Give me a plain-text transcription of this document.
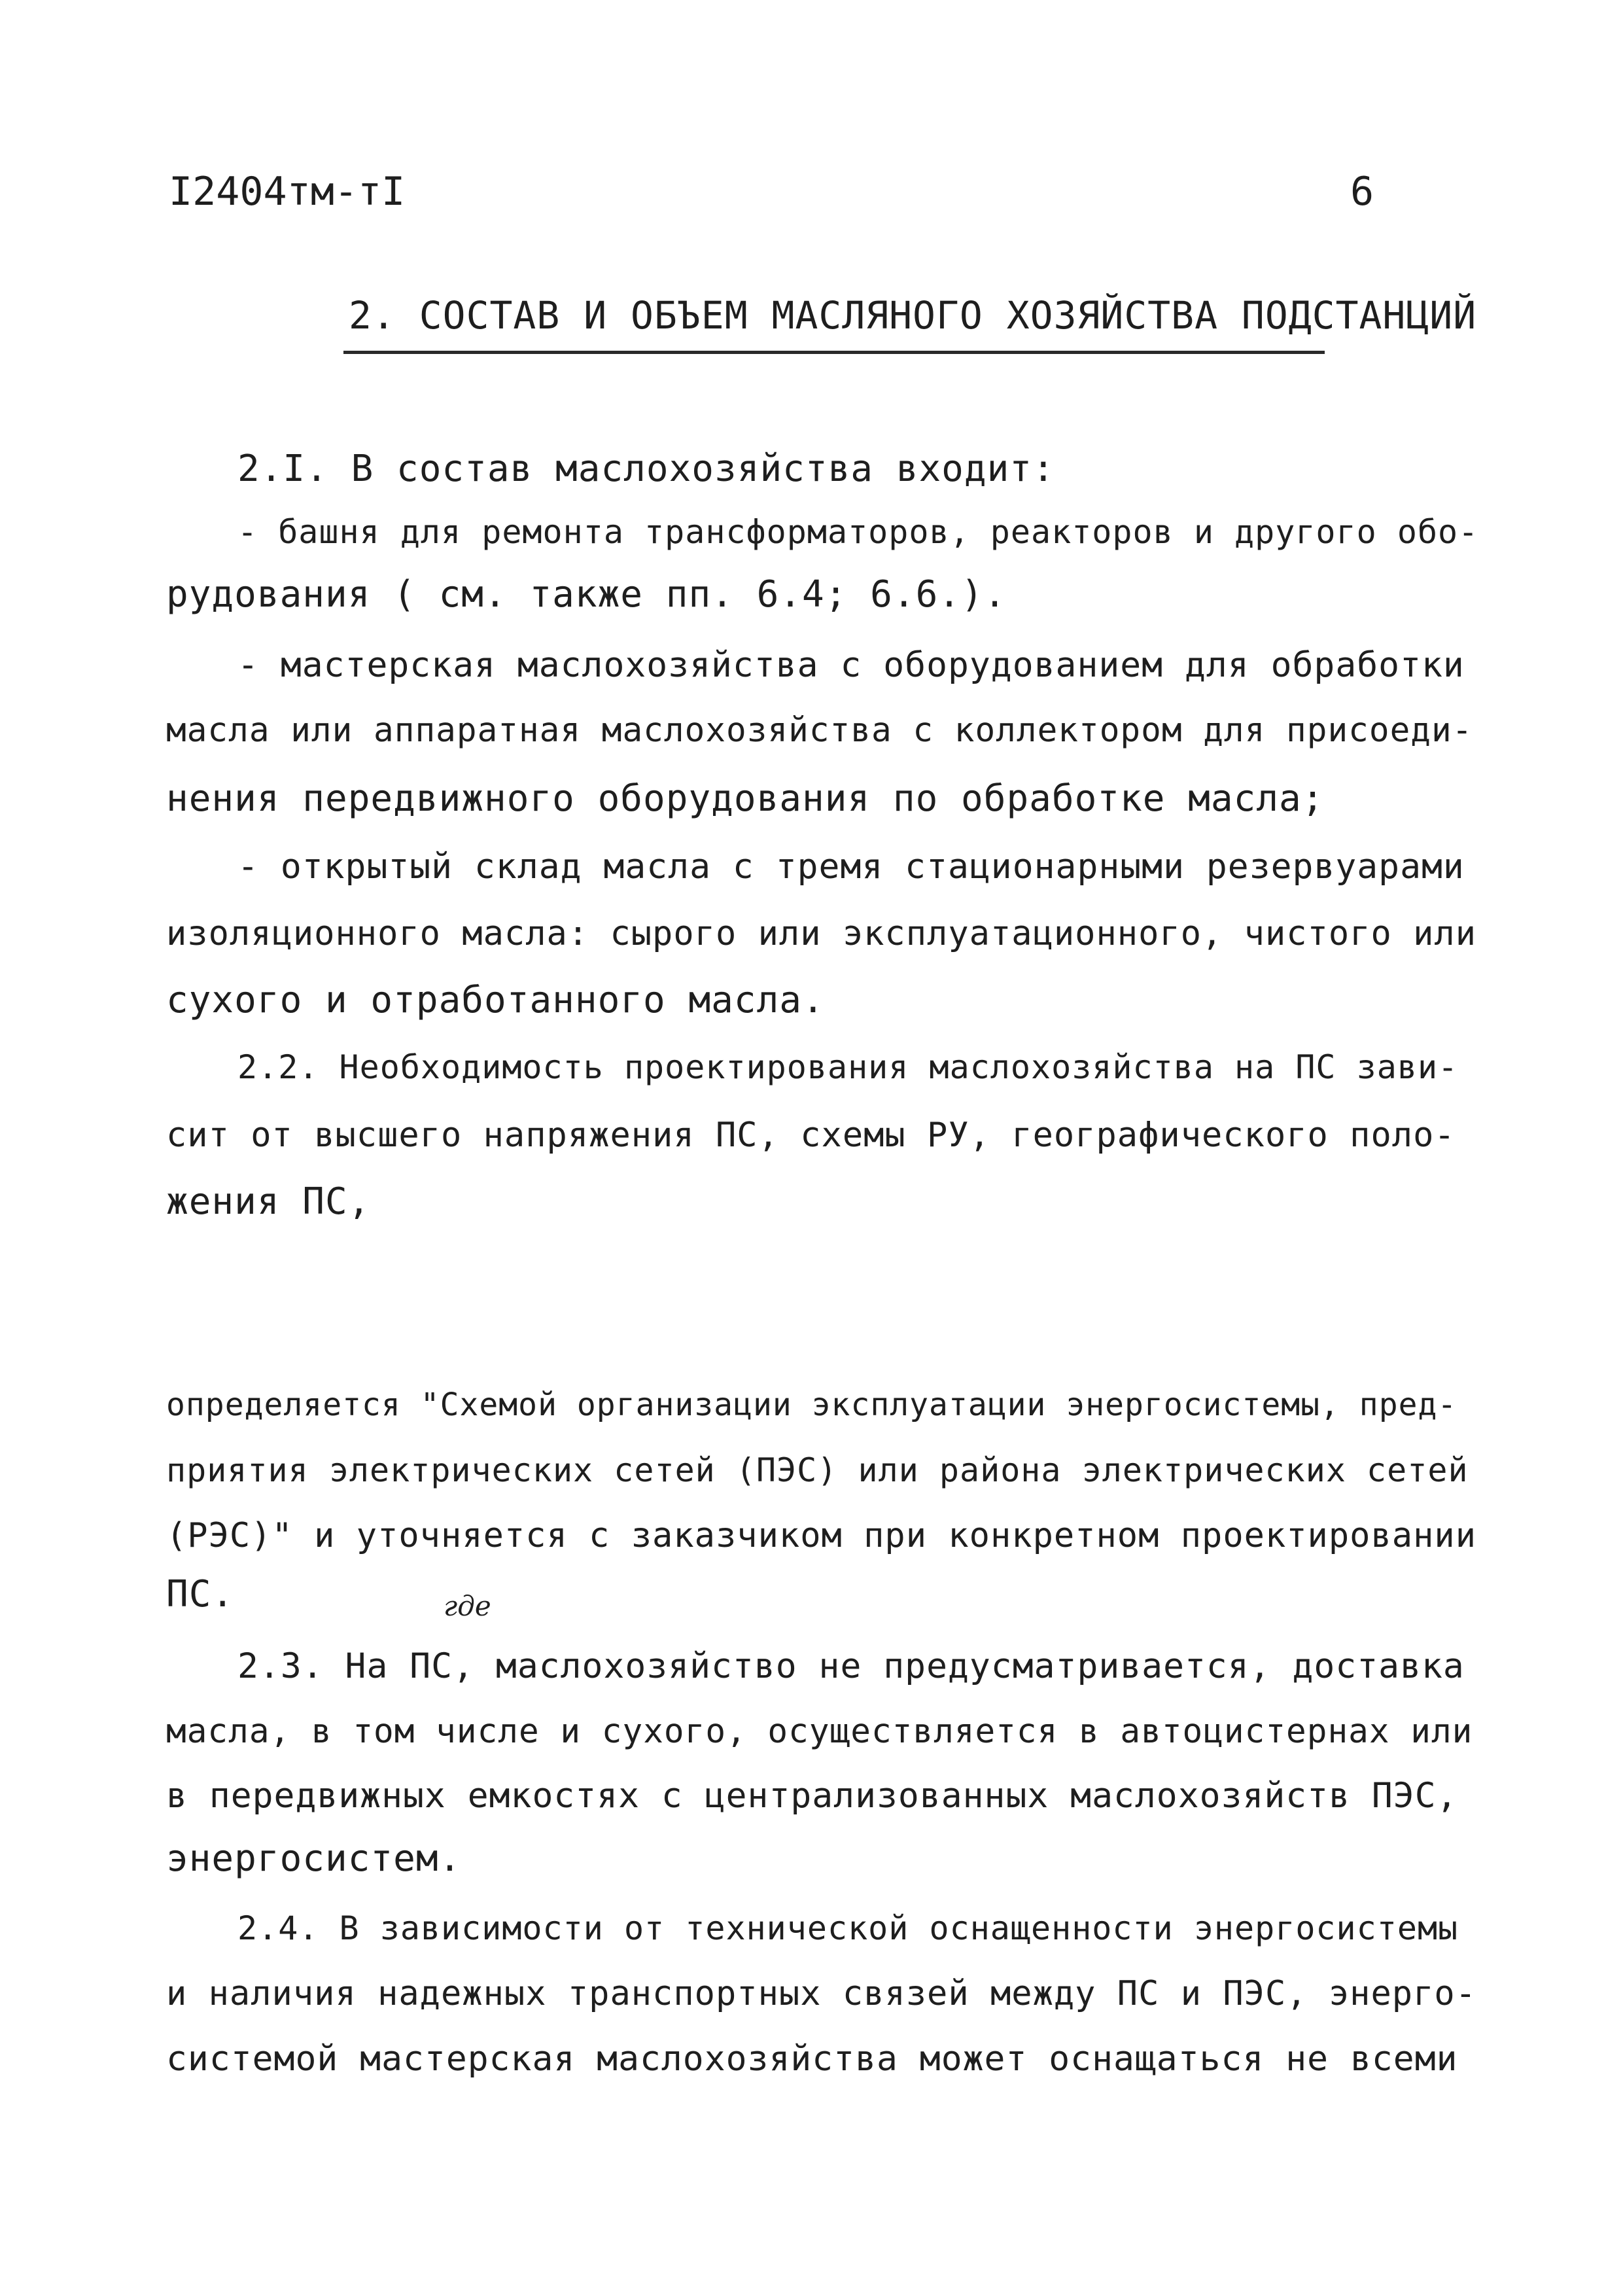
I2404тм-тI	6
2. СОСТАВ И ОБЪЕМ МАСЛЯНОГО ХОЗЯЙСТВА ПОДСТАНЦИЙ
2.I. В состав маслохозяйства входит:
- башня для ремонта трансформаторов, реакторов и другого обо-
рудования ( см. также пп. 6.4; 6.6.).
- мастерская маслохозяйства с оборудованием для обработки
масла или аппаратная маслохозяйства с коллектором для присоеди-
нения передвижного оборудования по обработке масла;
- открытый склад масла с тремя стационарными резервуарами
изоляционного масла: сырого или эксплуатационного, чистого или
сухого и отработанного масла.
2.2. Необходимость проектирования маслохозяйства на ПС зави-
сит от высшего напряжения ПС, схемы РУ, географического поло-
жения ПС,
определяется "Схемой организации эксплуатации энергосистемы, пред-
приятия электрических сетей (ПЭС) или района электрических сетей
(РЭС)" и уточняется с заказчиком при конкретном проектировании
ПС.	где
2.3. На ПС, маслохозяйство не предусматривается, доставка
масла, в том числе и сухого, осуществляется в автоцистернах или
в передвижных емкостях с централизованных маслохозяйств ПЭС,
энергосистем.
2.4. В зависимости от технической оснащенности энергосистемы
и наличия надежных транспортных связей между ПС и ПЭС, энерго-
системой мастерская маслохозяйства может оснащаться не всеми
